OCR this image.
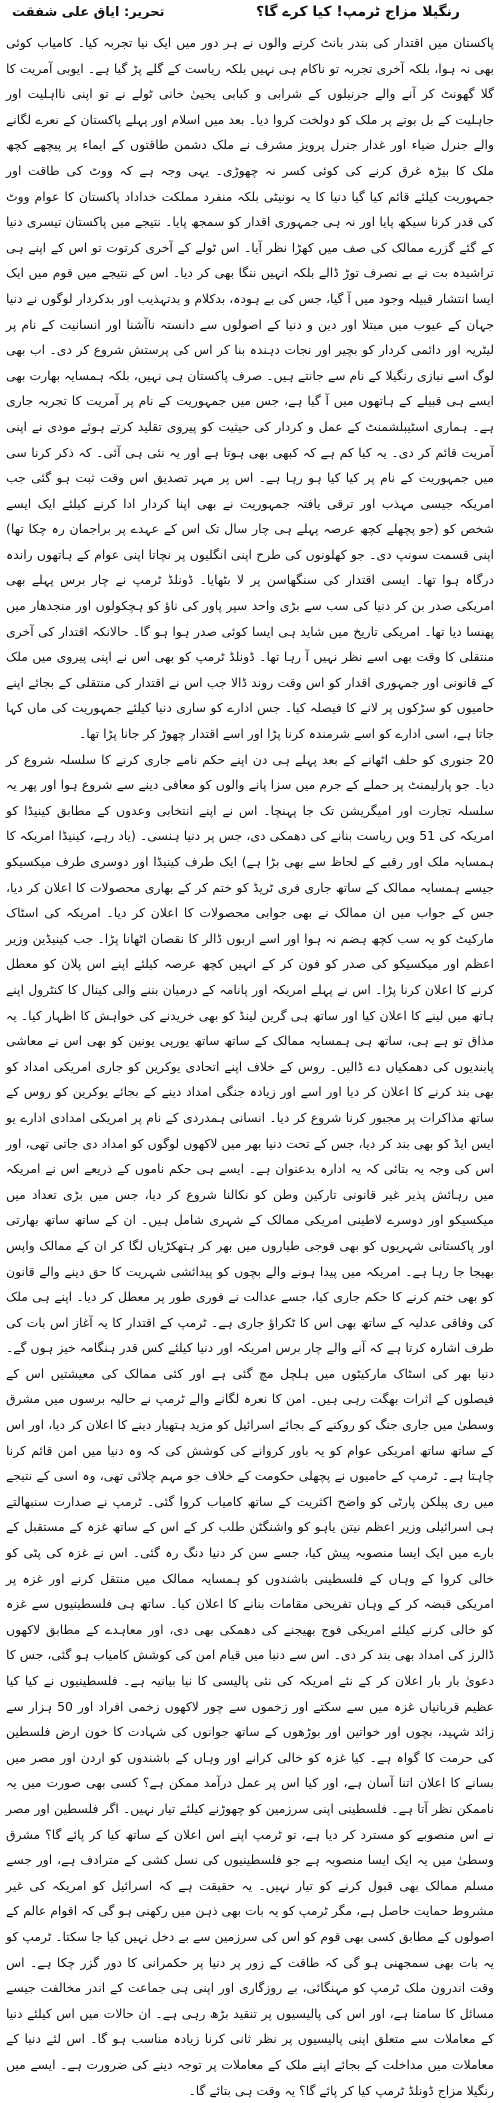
رنگیلا مزاج ٹرمپ! کیا کرے گا؟
تحریر: ایاق علی شفقت

پاکستان میں اقتدار کی بندر بانٹ کرنے والوں نے ہر دور میں ایک نیا تجربہ کیا۔ کامیاب کوئی بھی نہ ہوا، بلکہ آخری تجربہ تو ناکام ہی نہیں بلکہ ریاست کے گلے پڑ گیا ہے۔ ایوبی آمریت کا گلا گھونٹ کر آنے والے جرنیلوں کے شرابی و کبابی یحییٰ خانی ٹولے نے تو اپنی نااہلیت اور جاہلیت کے بل بوتے پر ملک کو دولخت کروا دیا۔ بعد میں اسلام اور پہلے پاکستان کے نعرے لگانے والے جنرل ضیاء اور غدار جنرل پرویز مشرف نے ملک دشمن طاقتوں کے ایماء پر پیچھے کچھ ملک کا بیڑہ غرق کرنے کی کوئی کسر نہ چھوڑی۔ یہی وجہ ہے کہ ووٹ کی طاقت اور جمہوریت کیلئے قائم کیا گیا دنیا کا یہ نونیٹی بلکہ منفرد مملکت خداداد پاکستان کا عوام ووٹ کی قدر کرنا سیکھ پایا اور نہ ہی جمہوری اقدار کو سمجھ پایا۔ نتیجے میں پاکستان تیسری دنیا کے گئے گزرے ممالک کی صف میں کھڑا نظر آیا۔ اس ٹولے کے آخری کرتوت تو اس کے اپنے ہی تراشیدہ بت نے بے نصرف توڑ ڈالے بلکہ انہیں ننگا بھی کر دیا۔ اس کے نتیجے میں قوم میں ایک ایسا انتشار قبیلہ وجود میں آ گیا، جس کی بے ہودہ، بدکلام و بدتہذیب اور بدکردار لوگوں نے دنیا جہان کے عیوب میں مبتلا اور دین و دنیا کے اصولوں سے دانستہ ناآشنا اور انسانیت کے نام پر لیٹریہ اور دائمی کردار کو بچیر اور نجات دہندہ بنا کر اس کی پرستش شروع کر دی۔ اب بھی لوگ اسے نیازی رنگیلا کے نام سے جانتے ہیں۔ صرف پاکستان ہی نہیں، بلکہ ہمسایہ بھارت بھی ایسے ہی قبیلے کے ہاتھوں میں آ گیا ہے، جس میں جمہوریت کے نام پر آمریت کا تجربہ جاری ہے۔ ہماری اسٹیبلشمنٹ کے عمل و کردار کی حیثیت کو پیروی تقلید کرتے ہوئے مودی نے اپنی آمریت قائم کر دی۔ یہ کیا کم ہے کہ کبھی بھی ہوتا ہے اور یہ نئی ہی آئی۔ کہ ذکر کرنا سی میں جمہوریت کے نام پر کیا کیا ہو رہا ہے۔ اس پر مہر تصدیق اس وقت ثبت ہو گئی جب امریکہ جیسی مہذب اور ترقی یافتہ جمہوریت نے بھی اپنا کردار ادا کرنے کیلئے ایک ایسے شخص کو (جو پچھلے کچھ عرصہ پہلے ہی چار سال تک اس کے عہدے پر براجمان رہ چکا تھا) اپنی قسمت سونپ دی۔ جو کھلونوں کی طرح اپنی انگلیوں پر نچاتا اپنی عوام کے ہاتھوں راندہ درگاہ ہوا تھا۔ ایسی اقتدار کی سنگھاسن پر لا بٹھایا۔ ڈونلڈ ٹرمپ نے چار برس پہلے بھی امریکی صدر بن کر دنیا کی سب سے بڑی واحد سپر پاور کی ناؤ کو ہچکولوں اور منجدھار میں پھنسا دیا تھا۔ امریکی تاریخ میں شاید ہی ایسا کوئی صدر ہوا ہو گا۔ حالانکہ اقتدار کی آخری منتقلی کا وقت بھی اسے نظر نہیں آ رہا تھا۔ ڈونلڈ ٹرمپ کو بھی اس نے اپنی پیروی میں ملک کے قانونی اور جمہوری اقدار کو اس وقت روند ڈالا جب اس نے اقتدار کی منتقلی کے بجائے اپنے حامیوں کو سڑکوں پر لانے کا فیصلہ کیا۔ جس ادارے کو ساری دنیا کیلئے جمہوریت کی ماں کہا جاتا ہے، اسی ادارے کو اسے شرمندہ کرنا پڑا اور اسے اقتدار چھوڑ کر جانا پڑا تھا۔

20 جنوری کو حلف اٹھانے کے بعد پہلے ہی دن اپنے حکم نامے جاری کرنے کا سلسلہ شروع کر دیا۔ جو پارلیمنٹ پر حملے کے جرم میں سزا پانے والوں کو معافی دینے سے شروع ہوا اور پھر یہ سلسلہ تجارت اور امیگریشن تک جا پہنچا۔ اس نے اپنے انتخابی وعدوں کے مطابق کینیڈا کو امریکہ کی 51 ویں ریاست بنانے کی دھمکی دی، جس پر دنیا ہنسی۔ (یاد رہے، کینیڈا امریکہ کا ہمسایہ ملک اور رقبے کے لحاظ سے بھی بڑا ہے) ایک طرف کینیڈا اور دوسری طرف میکسیکو جیسے ہمسایہ ممالک کے ساتھ جاری فری ٹریڈ کو ختم کر کے بھاری محصولات کا اعلان کر دیا، جس کے جواب میں ان ممالک نے بھی جوابی محصولات کا اعلان کر دیا۔ امریکہ کی اسٹاک مارکیٹ کو یہ سب کچھ ہضم نہ ہوا اور اسے اربوں ڈالر کا نقصان اٹھانا پڑا۔ جب کینیڈین وزیر اعظم اور میکسیکو کی صدر کو فون کر کے انہیں کچھ عرصہ کیلئے اپنے اس پلان کو معطل کرنے کا اعلان کرنا پڑا۔ اس نے پہلے امریکہ اور پانامہ کے درمیان بننے والی کینال کا کنٹرول اپنے ہاتھ میں لینے کا اعلان کیا اور ساتھ ہی گرین لینڈ کو بھی خریدنے کی خواہش کا اظہار کیا۔ یہ مذاق تو ہے ہی، ساتھ ہی ہمسایہ ممالک کے ساتھ ساتھ یورپی یونین کو بھی اس نے معاشی پابندیوں کی دھمکیاں دے ڈالیں۔ روس کے خلاف اپنے اتحادی یوکرین کو جاری امریکی امداد کو بھی بند کرنے کا اعلان کر دیا اور اسے اور زیادہ جنگی امداد دینے کے بجائے یوکرین کو روس کے ساتھ مذاکرات پر مجبور کرنا شروع کر دیا۔ انسانی ہمدردی کے نام پر امریکی امدادی ادارے یو ایس ایڈ کو بھی بند کر دیا، جس کے تحت دنیا بھر میں لاکھوں لوگوں کو امداد دی جاتی تھی، اور اس کی وجہ یہ بتائی کہ یہ ادارہ بدعنوان ہے۔ ایسے ہی حکم ناموں کے ذریعے اس نے امریکہ میں رہائش پذیر غیر قانونی تارکین وطن کو نکالنا شروع کر دیا، جس میں بڑی تعداد میں میکسیکو اور دوسرے لاطینی امریکی ممالک کے شہری شامل ہیں۔ ان کے ساتھ ساتھ بھارتی اور پاکستانی شہریوں کو بھی فوجی طیاروں میں بھر کر ہتھکڑیاں لگا کر ان کے ممالک واپس بھیجا جا رہا ہے۔ امریکہ میں پیدا ہونے والے بچوں کو پیدائشی شہریت کا حق دینے والے قانون کو بھی ختم کرنے کا حکم جاری کیا، جسے عدالت نے فوری طور پر معطل کر دیا۔ اپنے ہی ملک کی وفاقی عدلیہ کے ساتھ بھی اس کا ٹکراؤ جاری ہے۔ ٹرمپ کے اقتدار کا یہ آغاز اس بات کی طرف اشارہ کرتا ہے کہ آنے والے چار برس امریکہ اور دنیا کیلئے کس قدر ہنگامہ خیز ہوں گے۔ دنیا بھر کی اسٹاک مارکیٹوں میں ہلچل مچ گئی ہے اور کئی ممالک کی معیشتیں اس کے فیصلوں کے اثرات بھگت رہی ہیں۔ امن کا نعرہ لگانے والے ٹرمپ نے حالیہ برسوں میں مشرق وسطیٰ میں جاری جنگ کو روکنے کے بجائے اسرائیل کو مزید ہتھیار دینے کا اعلان کر دیا، اور اس کے ساتھ ساتھ امریکی عوام کو یہ باور کروانے کی کوشش کی کہ وہ دنیا میں امن قائم کرنا چاہتا ہے۔ ٹرمپ کے حامیوں نے پچھلی حکومت کے خلاف جو مہم چلائی تھی، وہ اسی کے نتیجے میں ری پبلکن پارٹی کو واضح اکثریت کے ساتھ کامیاب کروا گئی۔ ٹرمپ نے صدارت سنبھالتے ہی اسرائیلی وزیر اعظم نیتن یاہو کو واشنگٹن طلب کر کے اس کے ساتھ غزہ کے مستقبل کے بارے میں ایک ایسا منصوبہ پیش کیا، جسے سن کر دنیا دنگ رہ گئی۔ اس نے غزہ کی پٹی کو خالی کروا کے وہاں کے فلسطینی باشندوں کو ہمسایہ ممالک میں منتقل کرنے اور غزہ پر امریکی قبضہ کر کے وہاں تفریحی مقامات بنانے کا اعلان کیا۔ ساتھ ہی فلسطینیوں سے غزہ کو خالی کرنے کیلئے امریکی فوج بھیجنے کی دھمکی بھی دی، اور معاہدے کے مطابق لاکھوں ڈالرز کی امداد بھی بند کر دی۔ اس سے دنیا میں قیام امن کی کوشش کامیاب ہو گئی، جس کا دعویٰ بار بار اعلان کر کے نئے امریکہ کی نئی پالیسی کا نیا بیانیہ ہے۔ فلسطینیوں نے کیا کیا عظیم قربانیاں غزہ میں سے سکتے اور زخموں سے چور لاکھوں زخمی افراد اور 50 ہزار سے زائد شہید، بچوں اور خواتین اور بوڑھوں کے ساتھ جوانوں کی شہادت کا خون ارض فلسطین کی حرمت کا گواہ ہے۔ کیا غزہ کو خالی کرانے اور وہاں کے باشندوں کو اردن اور مصر میں بسانے کا اعلان اتنا آسان ہے، اور کیا اس پر عمل درآمد ممکن ہے؟ کسی بھی صورت میں یہ ناممکن نظر آتا ہے۔ فلسطینی اپنی سرزمین کو چھوڑنے کیلئے تیار نہیں۔ اگر فلسطین اور مصر نے اس منصوبے کو مسترد کر دیا ہے، تو ٹرمپ اپنے اس اعلان کے ساتھ کیا کر پائے گا؟ مشرق وسطیٰ میں یہ ایک ایسا منصوبہ ہے جو فلسطینیوں کی نسل کشی کے مترادف ہے، اور جسے مسلم ممالک بھی قبول کرنے کو تیار نہیں۔ یہ حقیقت ہے کہ اسرائیل کو امریکہ کی غیر مشروط حمایت حاصل ہے، مگر ٹرمپ کو یہ بات بھی ذہن میں رکھنی ہو گی کہ اقوام عالم کے اصولوں کے مطابق کسی بھی قوم کو اس کی سرزمین سے بے دخل نہیں کیا جا سکتا۔ ٹرمپ کو یہ بات بھی سمجھنی ہو گی کہ طاقت کے زور پر دنیا پر حکمرانی کا دور گزر چکا ہے۔ اس وقت اندرون ملک ٹرمپ کو مہنگائی، بے روزگاری اور اپنی ہی جماعت کے اندر مخالفت جیسے مسائل کا سامنا ہے، اور اس کی پالیسیوں پر تنقید بڑھ رہی ہے۔ ان حالات میں اس کیلئے دنیا کے معاملات سے متعلق اپنی پالیسیوں پر نظر ثانی کرنا زیادہ مناسب ہو گا۔ اس لئے دنیا کے معاملات میں مداخلت کے بجائے اپنے ملک کے معاملات پر توجہ دینے کی ضرورت ہے۔ ایسے میں رنگیلا مزاج ڈونلڈ ٹرمپ کیا کر پائے گا؟ یہ وقت ہی بتائے گا۔
